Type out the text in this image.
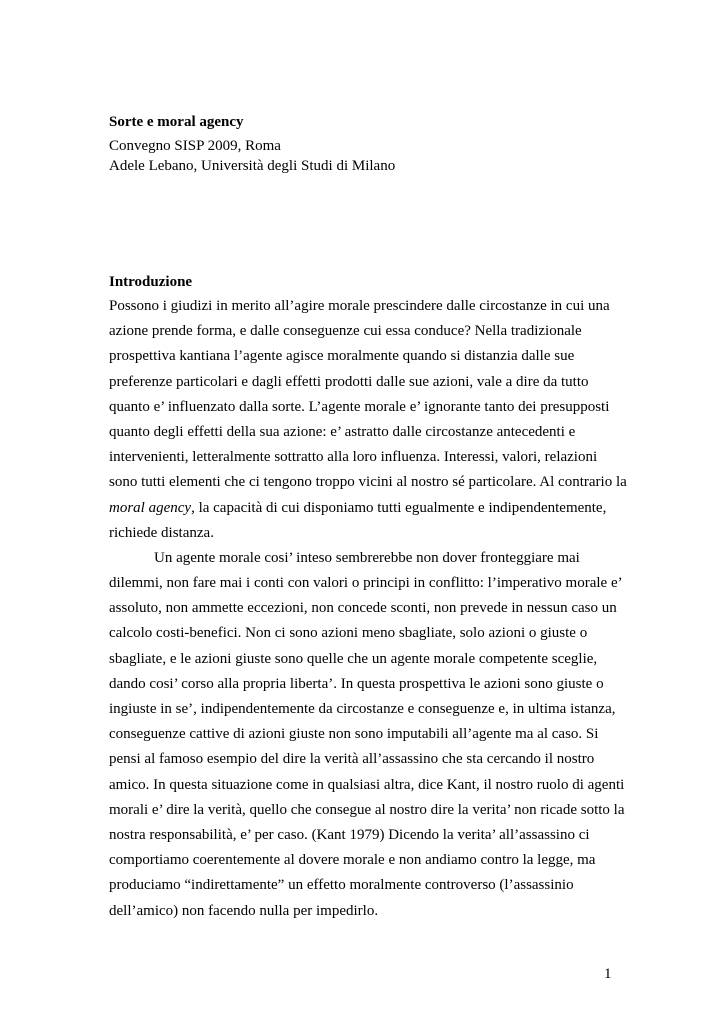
Sorte e moral agency
Convegno SISP 2009, Roma
Adele Lebano, Università degli Studi di Milano
Introduzione
Possono i giudizi in merito all’agire morale prescindere dalle circostanze in cui una
azione prende forma, e dalle conseguenze cui essa conduce? Nella tradizionale
prospettiva kantiana l’agente agisce moralmente quando si distanzia dalle sue
preferenze particolari e dagli effetti prodotti dalle sue azioni, vale a dire da tutto
quanto e’ influenzato dalla sorte. L’agente morale e’ ignorante tanto dei presupposti
quanto degli effetti della sua azione: e’ astratto dalle circostanze antecedenti e
intervenienti, letteralmente sottratto alla loro influenza. Interessi, valori, relazioni
sono tutti elementi che ci tengono troppo vicini al nostro sé particolare. Al contrario la
moral agency, la capacità di cui disponiamo tutti egualmente e indipendentemente,
richiede distanza.
Un agente morale cosi’ inteso sembrerebbe non dover fronteggiare mai
dilemmi, non fare mai i conti con valori o principi in conflitto: l’imperativo morale e’
assoluto, non ammette eccezioni, non concede sconti, non prevede in nessun caso un
calcolo costi-benefici. Non ci sono azioni meno sbagliate, solo azioni o giuste o
sbagliate, e le azioni giuste sono quelle che un agente morale competente sceglie,
dando cosi’ corso alla propria liberta’. In questa prospettiva le azioni sono giuste o
ingiuste in se’, indipendentemente da circostanze e conseguenze e, in ultima istanza,
conseguenze cattive di azioni giuste non sono imputabili all’agente ma al caso. Si
pensi al famoso esempio del dire la verità all’assassino che sta cercando il nostro
amico. In questa situazione come in qualsiasi altra, dice Kant, il nostro ruolo di agenti
morali e’ dire la verità, quello che consegue al nostro dire la verita’ non ricade sotto la
nostra responsabilità, e’ per caso. (Kant 1979) Dicendo la verita’ all’assassino ci
comportiamo coerentemente al dovere morale e non andiamo contro la legge, ma
produciamo “indirettamente” un effetto moralmente controverso (l’assassinio
dell’amico) non facendo nulla per impedirlo.
1
